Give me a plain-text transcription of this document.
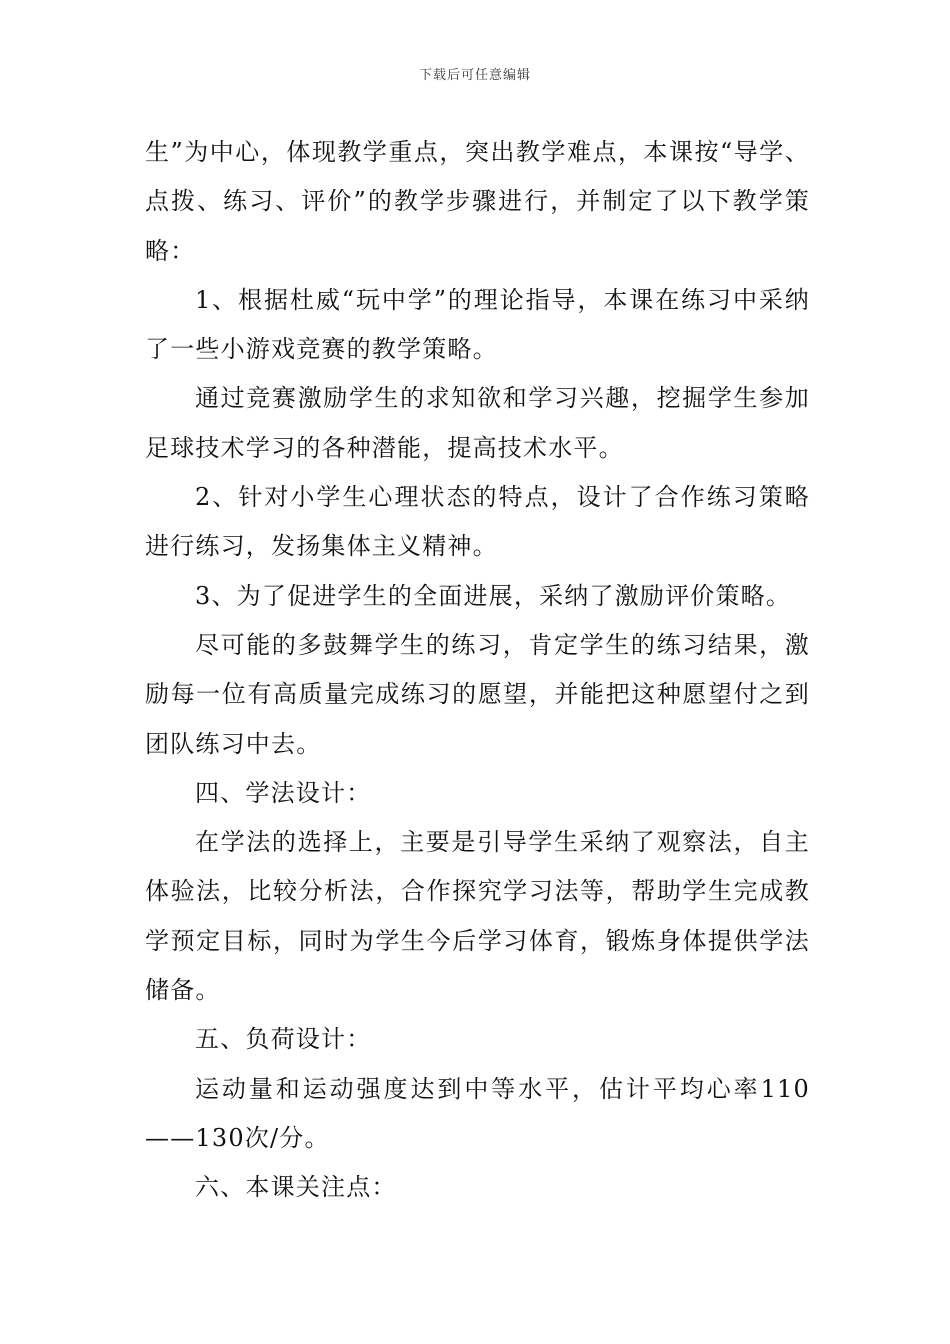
下载后可任意编辑

生”为中心，体现教学重点，突出教学难点，本课按“导学、点拨、练习、评价”的教学步骤进行，并制定了以下教学策略：

1、根据杜威“玩中学”的理论指导，本课在练习中采纳了一些小游戏竞赛的教学策略。

通过竞赛激励学生的求知欲和学习兴趣，挖掘学生参加足球技术学习的各种潜能，提高技术水平。

2、针对小学生心理状态的特点，设计了合作练习策略进行练习，发扬集体主义精神。

3、为了促进学生的全面进展，采纳了激励评价策略。

尽可能的多鼓舞学生的练习，肯定学生的练习结果，激励每一位有高质量完成练习的愿望，并能把这种愿望付之到团队练习中去。

四、学法设计：

在学法的选择上，主要是引导学生采纳了观察法，自主体验法，比较分析法，合作探究学习法等，帮助学生完成教学预定目标，同时为学生今后学习体育，锻炼身体提供学法储备。

五、负荷设计：

运动量和运动强度达到中等水平，估计平均心率110——130次/分。

六、本课关注点：
